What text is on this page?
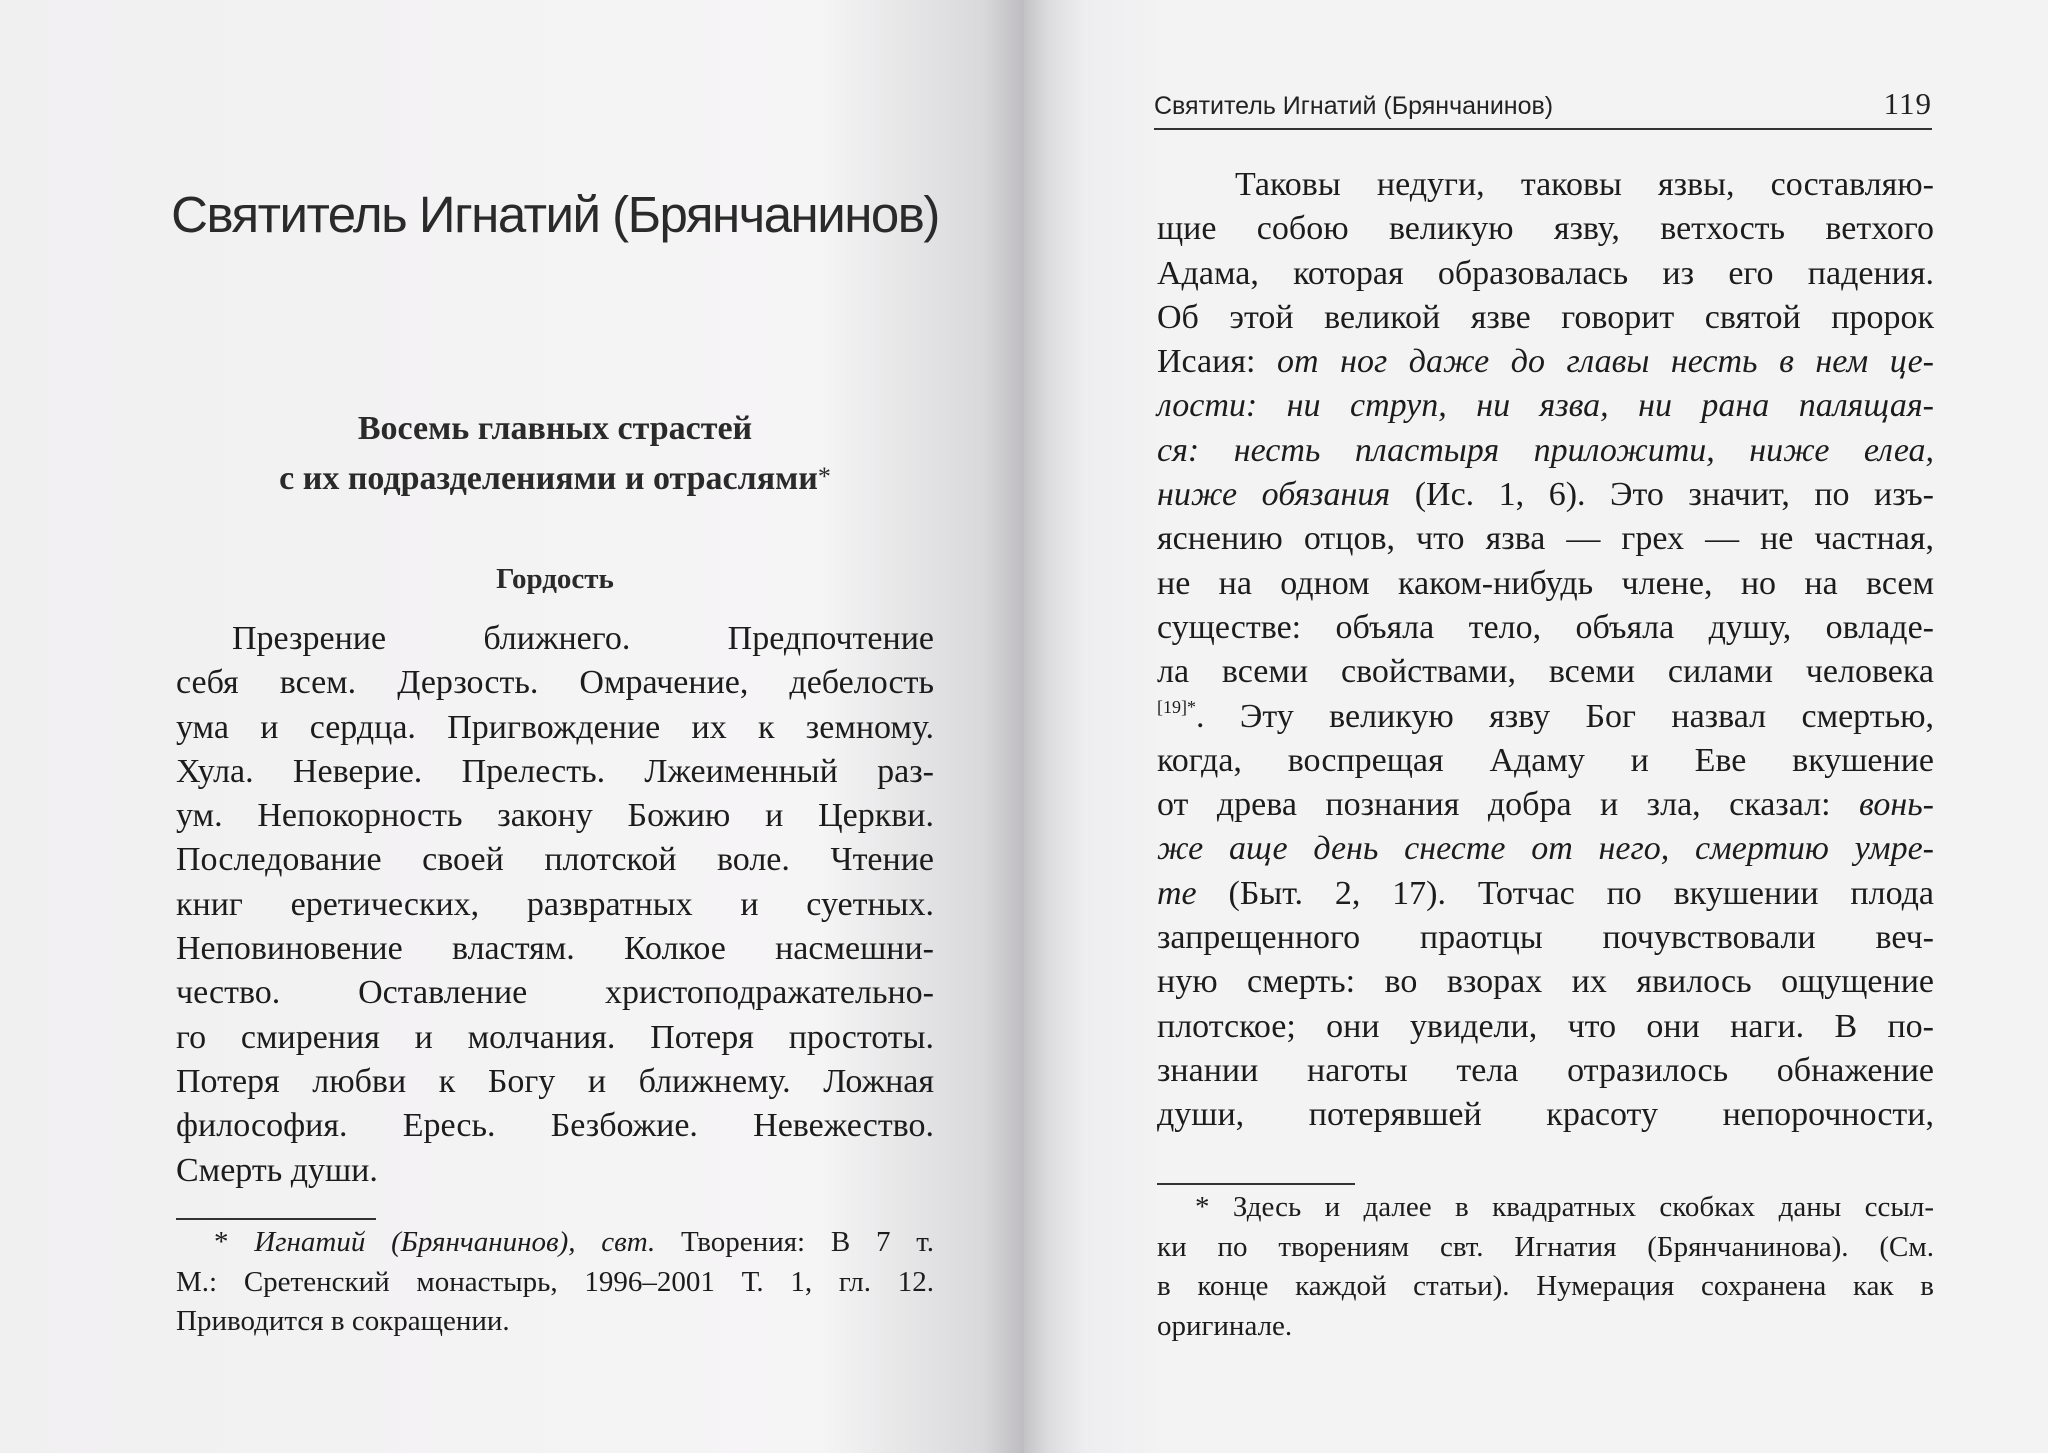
Святитель Игнатий (Брянчанинов)
Восемь главных страстей
с их подразделениями и отраслями*
Гордость
Презрение ближнего. Предпочтение
себя всем. Дерзость. Омрачение, дебелость
ума и сердца. Пригвождение их к земному.
Хула. Неверие. Прелесть. Лжеименный раз-
ум. Непокорность закону Божию и Церкви.
Последование своей плотской воле. Чтение
книг еретических, развратных и суетных.
Неповиновение властям. Колкое насмешни-
чество. Оставление христоподражательно-
го смирения и молчания. Потеря простоты.
Потеря любви к Богу и ближнему. Ложная
философия. Ересь. Безбожие. Невежество.
Смерть души.
* Игнатий (Брянчанинов), свт. Творения: В 7 т.
М.: Сретенский монастырь, 1996–2001 Т. 1, гл. 12.
Приводится в сокращении.
Святитель Игнатий (Брянчанинов)	119
Таковы недуги, таковы язвы, составляю-
щие собою великую язву, ветхость ветхого
Адама, которая образовалась из его падения.
Об этой великой язве говорит святой пророк
Исаия: от ног даже до главы несть в нем це-
лости: ни струп, ни язва, ни рана палящая-
ся: несть пластыря приложити, ниже елеа,
ниже обязания (Ис. 1, 6). Это значит, по изъ-
яснению отцов, что язва — грех — не частная,
не на одном каком-нибудь члене, но на всем
существе: объяла тело, объяла душу, овладе-
ла всеми свойствами, всеми силами человека
$^{[19]*}$. Эту великую язву Бог назвал смертью,
когда, воспрещая Адаму и Еве вкушение
от древа познания добра и зла, сказал: вонь-
же аще день снесте от него, смертию умре-
те (Быт. 2, 17). Тотчас по вкушении плода
запрещенного праотцы почувствовали веч-
ную смерть: во взорах их явилось ощущение
плотское; они увидели, что они наги. В по-
знании наготы тела отразилось обнажение
души, потерявшей красоту непорочности,
* Здесь и далее в квадратных скобках даны ссыл-
ки по творениям свт. Игнатия (Брянчанинова). (См.
в конце каждой статьи). Нумерация сохранена как в
оригинале.
